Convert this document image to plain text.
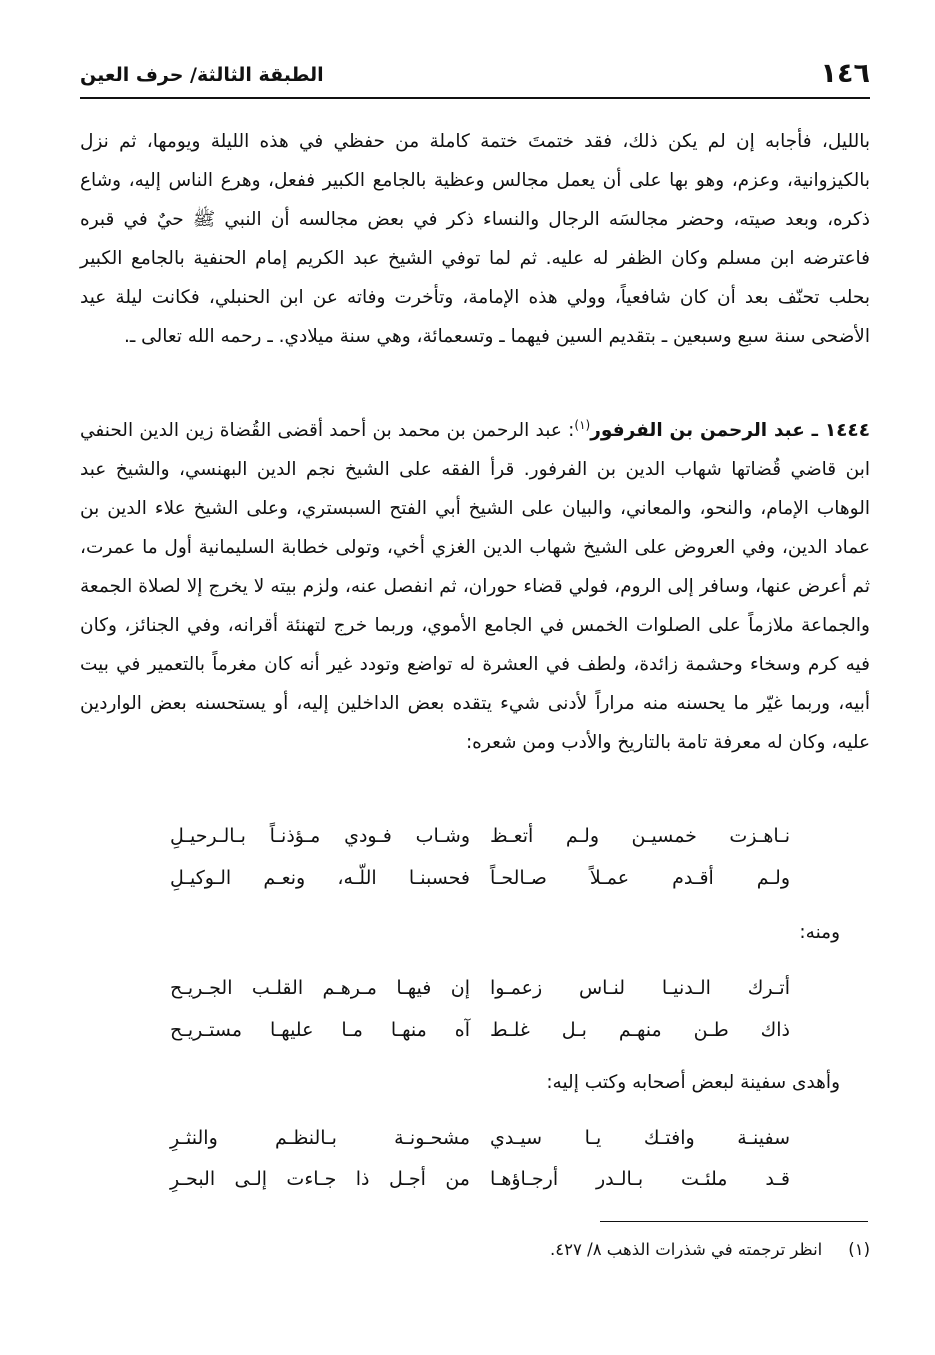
١٤٦
الطبقة الثالثة/ حرف العين
بالليل، فأجابه إن لم يكن ذلك، فقد ختمتَ ختمة كاملة من حفظي في هذه الليلة ويومها، ثم نزل بالكيزوانية، وعزم، وهو بها على أن يعمل مجالس وعظية بالجامع الكبير ففعل، وهرع الناس إليه، وشاع ذكره، وبعد صيته، وحضر مجالسَه الرجال والنساء ذكر في بعض مجالسه أن النبي ﷺ حيٌ في قبره فاعترضه ابن مسلم وكان الظفر له عليه. ثم لما توفي الشيخ عبد الكريم إمام الحنفية بالجامع الكبير بحلب تحنّف بعد أن كان شافعياً، وولي هذه الإمامة، وتأخرت وفاته عن ابن الحنبلي، فكانت ليلة عيد الأضحى سنة سبع وسبعين ـ بتقديم السين فيهما ـ وتسعمائة، وهي سنة ميلادي. ـ رحمه الله تعالى ـ.
١٤٤٤ ـ عبد الرحمن بن الفرفور$^{(١)}$: عبد الرحمن بن محمد بن أحمد أقضى القُضاة زين الدين الحنفي ابن قاضي قُضاتها شهاب الدين بن الفرفور. قرأ الفقه على الشيخ نجم الدين البهنسي، والشيخ عبد الوهاب الإمام، والنحو، والمعاني، والبيان على الشيخ أبي الفتح السبستري، وعلى الشيخ علاء الدين بن عماد الدين، وفي العروض على الشيخ شهاب الدين الغزي أخي، وتولى خطابة السليمانية أول ما عمرت، ثم أعرض عنها، وسافر إلى الروم، فولي قضاء حوران، ثم انفصل عنه، ولزم بيته لا يخرج إلا لصلاة الجمعة والجماعة ملازماً على الصلوات الخمس في الجامع الأموي، وربما خرج لتهنئة أقرانه، وفي الجنائز، وكان فيه كرم وسخاء وحشمة زائدة، ولطف في العشرة له تواضع وتودد غير أنه كان مغرماً بالتعمير في بيت أبيه، وربما غيّر ما يحسنه منه مراراً لأدنى شيء يتقده بعض الداخلين إليه، أو يستحسنه بعض الواردين عليه، وكان له معرفة تامة بالتاريخ والأدب ومن شعره:
نـاهـزت خمسيـن ولـم أتعـظ
وشـاب فـودي مـؤذنـاً بـالـرحيـلِ
ولـم أقـدم عمـلاً صـالحـاً
فحسبنـا اللّـه، ونعـم الـوكيـلِ
ومنه:
أتـرك الـدنيـا لنـاس زعمـوا
إن فيهـا مـرهـم القلـب الجـريـح
ذاك طـن منهـم بـل غلـط
آه منهـا مـا عليهـا مستـريـح
وأهدى سفينة لبعض أصحابه وكتب إليه:
سفينـة وافتـك يـا سيـدي
مشحـونـة بـالنظـم والنثـرِ
قـد ملئـت بـالـدر أرجـاؤهـا
من أجـل ذا جـاءت إلـى البحـرِ
(١)انظر ترجمته في شذرات الذهب ٨/ ٤٢٧.
